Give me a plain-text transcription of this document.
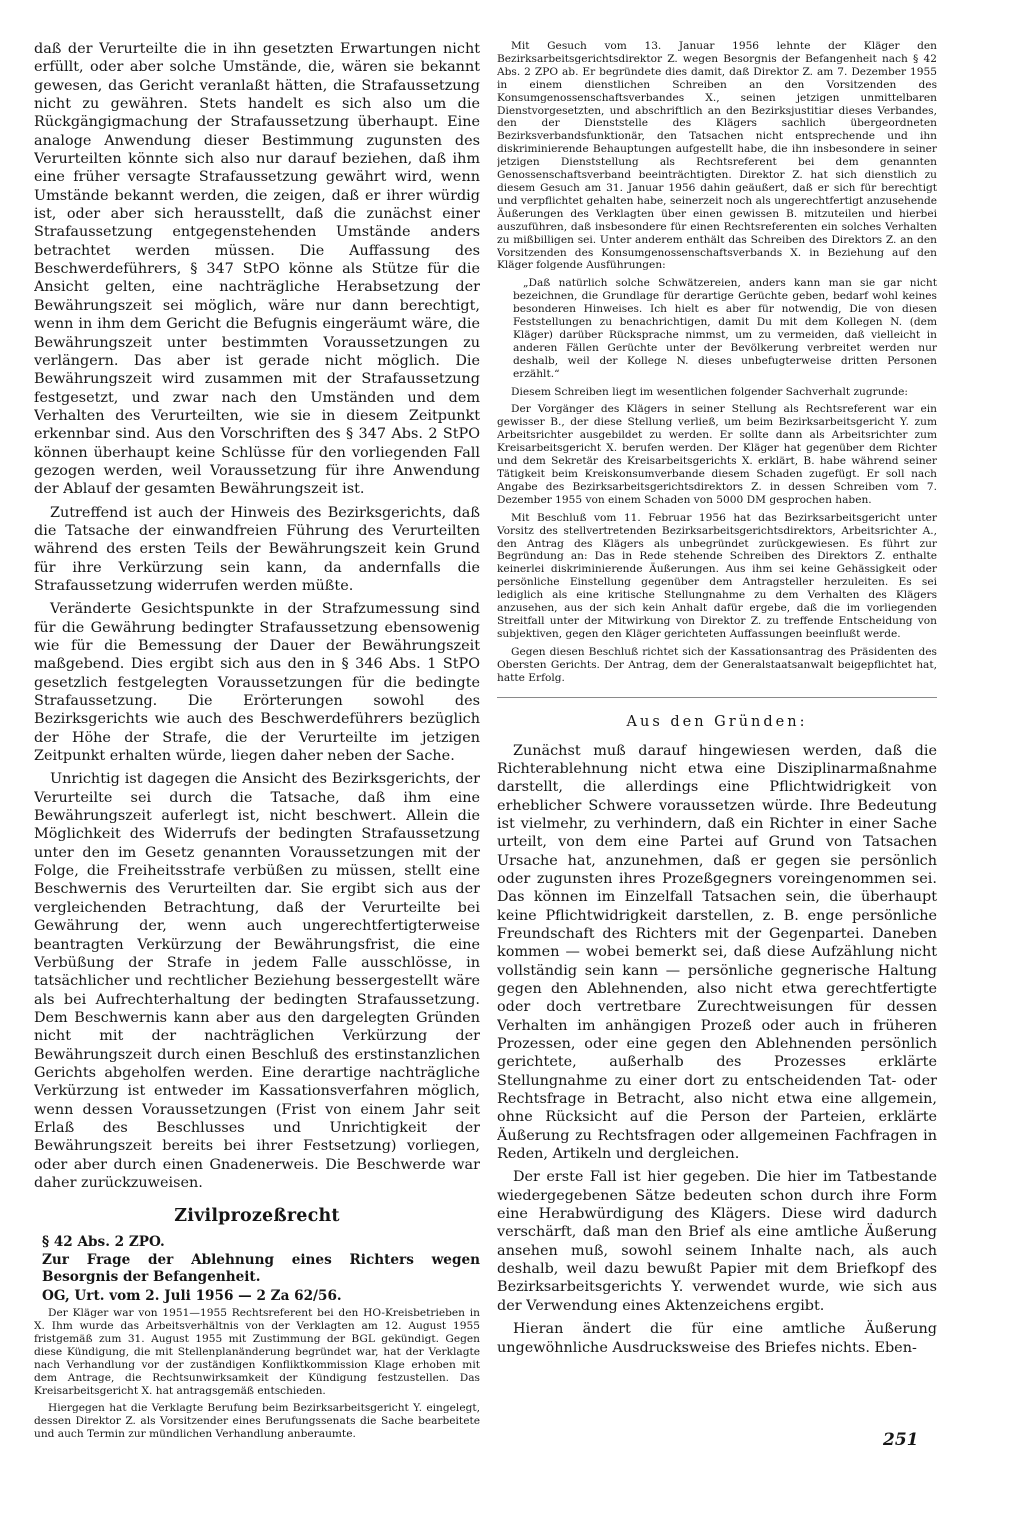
daß der Verurteilte die in ihn gesetzten Erwartungen nicht erfüllt, oder aber solche Umstände, die, wären sie bekannt gewesen, das Gericht veranlaßt hätten, die Strafaussetzung nicht zu gewähren. Stets handelt es sich also um die Rückgängigmachung der Strafaussetzung überhaupt. Eine analoge Anwendung dieser Bestimmung zugunsten des Verurteilten könnte sich also nur darauf beziehen, daß ihm eine früher versagte Strafaussetzung gewährt wird, wenn Umstände bekannt werden, die zeigen, daß er ihrer würdig ist, oder aber sich herausstellt, daß die zunächst einer Strafaussetzung entgegenstehenden Umstände anders betrachtet werden müssen. Die Auffassung des Beschwerdeführers, § 347 StPO könne als Stütze für die Ansicht gelten, eine nachträgliche Herabsetzung der Bewährungszeit sei möglich, wäre nur dann berechtigt, wenn in ihm dem Gericht die Befugnis eingeräumt wäre, die Bewährungszeit unter bestimmten Voraussetzungen zu verlängern. Das aber ist gerade nicht möglich. Die Bewährungszeit wird zusammen mit der Strafaussetzung festgesetzt, und zwar nach den Umständen und dem Verhalten des Verurteilten, wie sie in diesem Zeitpunkt erkennbar sind. Aus den Vorschriften des § 347 Abs. 2 StPO können überhaupt keine Schlüsse für den vorliegenden Fall gezogen werden, weil Voraussetzung für ihre Anwendung der Ablauf der gesamten Bewährungszeit ist.

Zutreffend ist auch der Hinweis des Bezirksgerichts, daß die Tatsache der einwandfreien Führung des Verurteilten während des ersten Teils der Bewährungszeit kein Grund für ihre Verkürzung sein kann, da andernfalls die Strafaussetzung widerrufen werden müßte.

Veränderte Gesichtspunkte in der Strafzumessung sind für die Gewährung bedingter Strafaussetzung ebensowenig wie für die Bemessung der Dauer der Bewährungszeit maßgebend. Dies ergibt sich aus den in § 346 Abs. 1 StPO gesetzlich festgelegten Voraussetzungen für die bedingte Strafaussetzung. Die Erörterungen sowohl des Bezirksgerichts wie auch des Beschwerdeführers bezüglich der Höhe der Strafe, die der Verurteilte im jetzigen Zeitpunkt erhalten würde, liegen daher neben der Sache.

Unrichtig ist dagegen die Ansicht des Bezirksgerichts, der Verurteilte sei durch die Tatsache, daß ihm eine Bewährungszeit auferlegt ist, nicht beschwert. Allein die Möglichkeit des Widerrufs der bedingten Strafaussetzung unter den im Gesetz genannten Voraussetzungen mit der Folge, die Freiheitsstrafe verbüßen zu müssen, stellt eine Beschwernis des Verurteilten dar. Sie ergibt sich aus der vergleichenden Betrachtung, daß der Verurteilte bei Gewährung der, wenn auch ungerechtfertigterweise beantragten Verkürzung der Bewährungsfrist, die eine Verbüßung der Strafe in jedem Falle ausschlösse, in tatsächlicher und rechtlicher Beziehung bessergestellt wäre als bei Aufrechterhaltung der bedingten Strafaussetzung. Dem Beschwernis kann aber aus den dargelegten Gründen nicht mit der nachträglichen Verkürzung der Bewährungszeit durch einen Beschluß des erstinstanzlichen Gerichts abgeholfen werden. Eine derartige nachträgliche Verkürzung ist entweder im Kassationsverfahren möglich, wenn dessen Voraussetzungen (Frist von einem Jahr seit Erlaß des Beschlusses und Unrichtigkeit der Bewährungszeit bereits bei ihrer Festsetzung) vorliegen, oder aber durch einen Gnadenerweis. Die Beschwerde war daher zurückzuweisen.

Zivilprozeßrecht

§ 42 Abs. 2 ZPO.

Zur Frage der Ablehnung eines Richters wegen Besorgnis der Befangenheit.

OG, Urt. vom 2. Juli 1956 — 2 Za 62/56.

Der Kläger war von 1951—1955 Rechtsreferent bei den HO-Kreisbetrieben in X. Ihm wurde das Arbeitsverhältnis von der Verklagten am 12. August 1955 fristgemäß zum 31. August 1955 mit Zustimmung der BGL gekündigt. Gegen diese Kündigung, die mit Stellenplanänderung begründet war, hat der Verklagte nach Verhandlung vor der zuständigen Konfliktkommission Klage erhoben mit dem Antrage, die Rechtsunwirksamkeit der Kündigung festzustellen. Das Kreisarbeitsgericht X. hat antragsgemäß entschieden.

Hiergegen hat die Verklagte Berufung beim Bezirksarbeitsgericht Y. eingelegt, dessen Direktor Z. als Vorsitzender eines Berufungssenats die Sache bearbeitete und auch Termin zur mündlichen Verhandlung anberaumte.

Mit Gesuch vom 13. Januar 1956 lehnte der Kläger den Bezirksarbeitsgerichtsdirektor Z. wegen Besorgnis der Befangenheit nach § 42 Abs. 2 ZPO ab. Er begründete dies damit, daß Direktor Z. am 7. Dezember 1955 in einem dienstlichen Schreiben an den Vorsitzenden des Konsumgenossenschaftsverbandes X., seinen jetzigen unmittelbaren Dienstvorgesetzten, und abschriftlich an den Bezirksjustitiar dieses Verbandes, den der Dienststelle des Klägers sachlich übergeordneten Bezirksverbandsfunktionär, den Tatsachen nicht entsprechende und ihn diskriminierende Behauptungen aufgestellt habe, die ihn insbesondere in seiner jetzigen Dienststellung als Rechtsreferent bei dem genannten Genossenschaftsverband beeinträchtigten. Direktor Z. hat sich dienstlich zu diesem Gesuch am 31. Januar 1956 dahin geäußert, daß er sich für berechtigt und verpflichtet gehalten habe, seinerzeit noch als ungerechtfertigt anzusehende Äußerungen des Verklagten über einen gewissen B. mitzuteilen und hierbei auszuführen, daß insbesondere für einen Rechtsreferenten ein solches Verhalten zu mißbilligen sei. Unter anderem enthält das Schreiben des Direktors Z. an den Vorsitzenden des Konsumgenossenschaftsverbands X. in Beziehung auf den Kläger folgende Ausführungen:

„Daß natürlich solche Schwätzereien, anders kann man sie gar nicht bezeichnen, die Grundlage für derartige Gerüchte geben, bedarf wohl keines besonderen Hinweises. Ich hielt es aber für notwendig, Die von diesen Feststellungen zu benachrichtigen, damit Du mit dem Kollegen N. (dem Kläger) darüber Rücksprache nimmst, um zu vermeiden, daß vielleicht in anderen Fällen Gerüchte unter der Bevölkerung verbreitet werden nur deshalb, weil der Kollege N. dieses unbefugterweise dritten Personen erzählt.“

Diesem Schreiben liegt im wesentlichen folgender Sachverhalt zugrunde:

Der Vorgänger des Klägers in seiner Stellung als Rechtsreferent war ein gewisser B., der diese Stellung verließ, um beim Bezirksarbeitsgericht Y. zum Arbeitsrichter ausgebildet zu werden. Er sollte dann als Arbeitsrichter zum Kreisarbeitsgericht X. berufen werden. Der Kläger hat gegenüber dem Richter und dem Sekretär des Kreisarbeitsgerichts X. erklärt, B. habe während seiner Tätigkeit beim Kreiskonsumverbande diesem Schaden zugefügt. Er soll nach Angabe des Bezirksarbeitsgerichtsdirektors Z. in dessen Schreiben vom 7. Dezember 1955 von einem Schaden von 5000 DM gesprochen haben.

Mit Beschluß vom 11. Februar 1956 hat das Bezirksarbeitsgericht unter Vorsitz des stellvertretenden Bezirksarbeitsgerichtsdirektors, Arbeitsrichter A., den Antrag des Klägers als unbegründet zurückgewiesen. Es führt zur Begründung an: Das in Rede stehende Schreiben des Direktors Z. enthalte keinerlei diskriminierende Äußerungen. Aus ihm sei keine Gehässigkeit oder persönliche Einstellung gegenüber dem Antragsteller herzuleiten. Es sei lediglich als eine kritische Stellungnahme zu dem Verhalten des Klägers anzusehen, aus der sich kein Anhalt dafür ergebe, daß die im vorliegenden Streitfall unter der Mitwirkung von Direktor Z. zu treffende Entscheidung von subjektiven, gegen den Kläger gerichteten Auffassungen beeinflußt werde.

Gegen diesen Beschluß richtet sich der Kassationsantrag des Präsidenten des Obersten Gerichts. Der Antrag, dem der Generalstaatsanwalt beigepflichtet hat, hatte Erfolg.

Aus den Gründen:

Zunächst muß darauf hingewiesen werden, daß die Richterablehnung nicht etwa eine Disziplinarmaßnahme darstellt, die allerdings eine Pflichtwidrigkeit von erheblicher Schwere voraussetzen würde. Ihre Bedeutung ist vielmehr, zu verhindern, daß ein Richter in einer Sache urteilt, von dem eine Partei auf Grund von Tatsachen Ursache hat, anzunehmen, daß er gegen sie persönlich oder zugunsten ihres Prozeßgegners voreingenommen sei. Das können im Einzelfall Tatsachen sein, die überhaupt keine Pflichtwidrigkeit darstellen, z. B. enge persönliche Freundschaft des Richters mit der Gegenpartei. Daneben kommen — wobei bemerkt sei, daß diese Aufzählung nicht vollständig sein kann — persönliche gegnerische Haltung gegen den Ablehnenden, also nicht etwa gerechtfertigte oder doch vertretbare Zurechtweisungen für dessen Verhalten im anhängigen Prozeß oder auch in früheren Prozessen, oder eine gegen den Ablehnenden persönlich gerichtete, außerhalb des Prozesses erklärte Stellungnahme zu einer dort zu entscheidenden Tat- oder Rechtsfrage in Betracht, also nicht etwa eine allgemein, ohne Rücksicht auf die Person der Parteien, erklärte Äußerung zu Rechtsfragen oder allgemeinen Fachfragen in Reden, Artikeln und dergleichen.

Der erste Fall ist hier gegeben. Die hier im Tatbestande wiedergegebenen Sätze bedeuten schon durch ihre Form eine Herabwürdigung des Klägers. Diese wird dadurch verschärft, daß man den Brief als eine amtliche Äußerung ansehen muß, sowohl seinem Inhalte nach, als auch deshalb, weil dazu bewußt Papier mit dem Briefkopf des Bezirksarbeitsgerichts Y. verwendet wurde, wie sich aus der Verwendung eines Aktenzeichens ergibt.

Hieran ändert die für eine amtliche Äußerung ungewöhnliche Ausdrucksweise des Briefes nichts. Eben-

251
